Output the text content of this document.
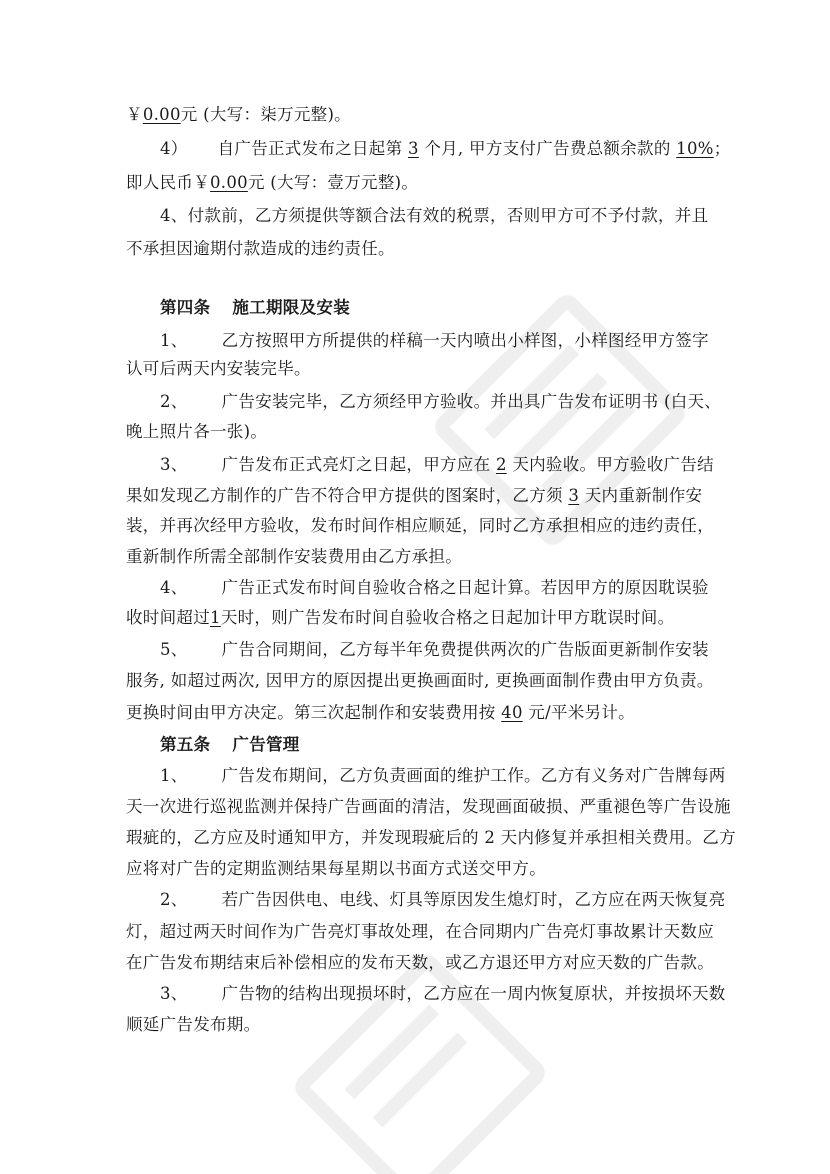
￥0.00元 (大写：柒万元整)。
4） 自广告正式发布之日起第 3 个月, 甲方支付广告费总额余款的 10%；
即人民币￥0.00元 (大写：壹万元整)。
4、付款前，乙方须提供等额合法有效的税票，否则甲方可不予付款，并且
不承担因逾期付款造成的违约责任。
第四条 施工期限及安装
1、 乙方按照甲方所提供的样稿一天内喷出小样图，小样图经甲方签字
认可后两天内安装完毕。
2、 广告安装完毕，乙方须经甲方验收。并出具广告发布证明书 (白天、
晚上照片各一张)。
3、 广告发布正式亮灯之日起，甲方应在 2 天内验收。甲方验收广告结
果如发现乙方制作的广告不符合甲方提供的图案时，乙方须 3 天内重新制作安
装，并再次经甲方验收，发布时间作相应顺延，同时乙方承担相应的违约责任，
重新制作所需全部制作安装费用由乙方承担。
4、 广告正式发布时间自验收合格之日起计算。若因甲方的原因耽误验
收时间超过1天时，则广告发布时间自验收合格之日起加计甲方耽误时间。
5、 广告合同期间，乙方每半年免费提供两次的广告版面更新制作安装
服务, 如超过两次, 因甲方的原因提出更换画面时, 更换画面制作费由甲方负责。
更换时间由甲方决定。第三次起制作和安装费用按 40 元/平米另计。
第五条 广告管理
1、 广告发布期间，乙方负责画面的维护工作。乙方有义务对广告牌每两
天一次进行巡视监测并保持广告画面的清洁，发现画面破损、严重褪色等广告设施
瑕疵的，乙方应及时通知甲方，并发现瑕疵后的 2 天内修复并承担相关费用。乙方
应将对广告的定期监测结果每星期以书面方式送交甲方。
2、 若广告因供电、电线、灯具等原因发生熄灯时，乙方应在两天恢复亮
灯，超过两天时间作为广告亮灯事故处理，在合同期内广告亮灯事故累计天数应
在广告发布期结束后补偿相应的发布天数，或乙方退还甲方对应天数的广告款。
3、 广告物的结构出现损坏时，乙方应在一周内恢复原状，并按损坏天数
顺延广告发布期。
